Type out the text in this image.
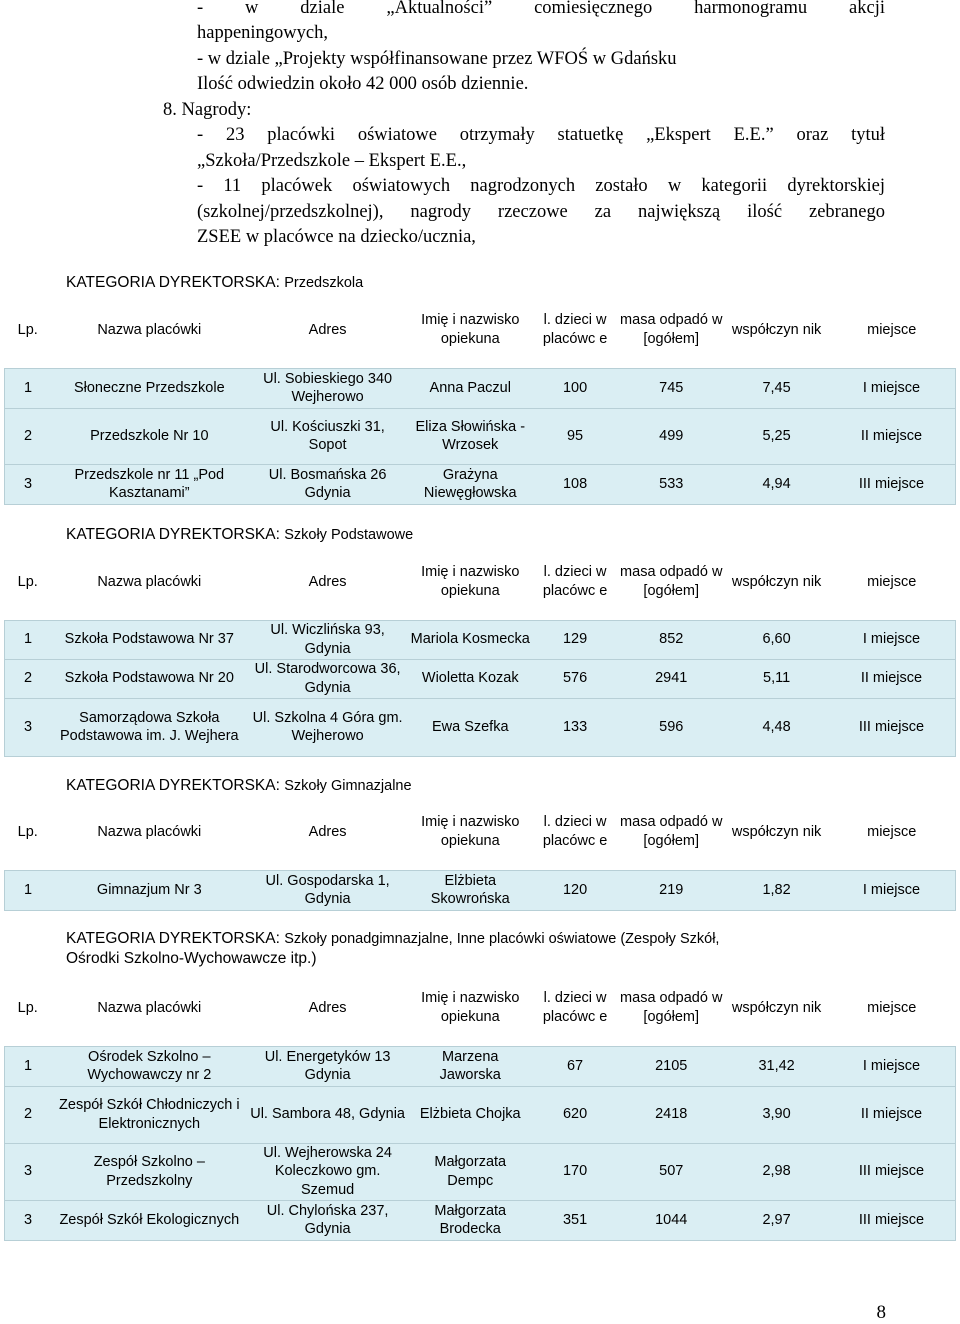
- w dziale „Aktualności” comiesięcznego harmonogramu akcji
happeningowych,
- w dziale „Projekty współfinansowane przez WFOŚ w Gdańsku
Ilość odwiedzin około 42 000 osób dziennie.
8. Nagrody:
- 23 placówki oświatowe otrzymały statuetkę „Ekspert E.E.” oraz tytuł
„Szkoła/Przedszkole – Ekspert E.E.,
- 11 placówek oświatowych nagrodzonych zostało w kategorii dyrektorskiej
(szkolnej/przedszkolnej), nagrody rzeczowe za największą ilość zebranego
ZSEE w placówce na dziecko/ucznia,
KATEGORIA DYREKTORSKA: Przedszkola
Lp.	Nazwa placówki	Adres	Imię i nazwisko opiekuna	l. dzieci w placówc e	masa odpadó w [ogółem]	współczyn nik	miejsce
1	Słoneczne Przedszkole	Ul. Sobieskiego 340 Wejherowo	Anna Paczul	100	745	7,45	I miejsce
2	Przedszkole Nr 10	Ul. Kościuszki 31, Sopot	Eliza Słowińska - Wrzosek	95	499	5,25	II miejsce
3	Przedszkole nr 11 „Pod Kasztanami”	Ul. Bosmańska 26 Gdynia	Grażyna Niewęgłowska	108	533	4,94	III miejsce
KATEGORIA DYREKTORSKA: Szkoły Podstawowe
Lp.	Nazwa placówki	Adres	Imię i nazwisko opiekuna	l. dzieci w placówc e	masa odpadó w [ogółem]	współczyn nik	miejsce
1	Szkoła Podstawowa Nr 37	Ul. Wiczlińska 93, Gdynia	Mariola Kosmecka	129	852	6,60	I miejsce
2	Szkoła Podstawowa Nr 20	Ul. Starodworcowa 36, Gdynia	Wioletta Kozak	576	2941	5,11	II miejsce
3	Samorządowa Szkoła Podstawowa im. J. Wejhera	Ul. Szkolna 4 Góra gm. Wejherowo	Ewa Szefka	133	596	4,48	III miejsce
KATEGORIA DYREKTORSKA: Szkoły Gimnazjalne
Lp.	Nazwa placówki	Adres	Imię i nazwisko opiekuna	l. dzieci w placówc e	masa odpadó w [ogółem]	współczyn nik	miejsce
1	Gimnazjum Nr 3	Ul. Gospodarska 1, Gdynia	Elżbieta Skowrońska	120	219	1,82	I miejsce
KATEGORIA DYREKTORSKA: Szkoły ponadgimnazjalne, Inne placówki oświatowe (Zespoły Szkół,
Ośrodki Szkolno-Wychowawcze itp.)
Lp.	Nazwa placówki	Adres	Imię i nazwisko opiekuna	l. dzieci w placówc e	masa odpadó w [ogółem]	współczyn nik	miejsce
1	Ośrodek Szkolno – Wychowawczy nr 2	Ul. Energetyków 13 Gdynia	Marzena Jaworska	67	2105	31,42	I miejsce
2	Zespół Szkół Chłodniczych i Elektronicznych	Ul. Sambora 48, Gdynia	Elżbieta Chojka	620	2418	3,90	II miejsce
3	Zespół Szkolno – Przedszkolny	Ul. Wejherowska 24 Koleczkowo gm. Szemud	Małgorzata Dempc	170	507	2,98	III miejsce
3	Zespół Szkół Ekologicznych	Ul. Chylońska 237, Gdynia	Małgorzata Brodecka	351	1044	2,97	III miejsce
8
